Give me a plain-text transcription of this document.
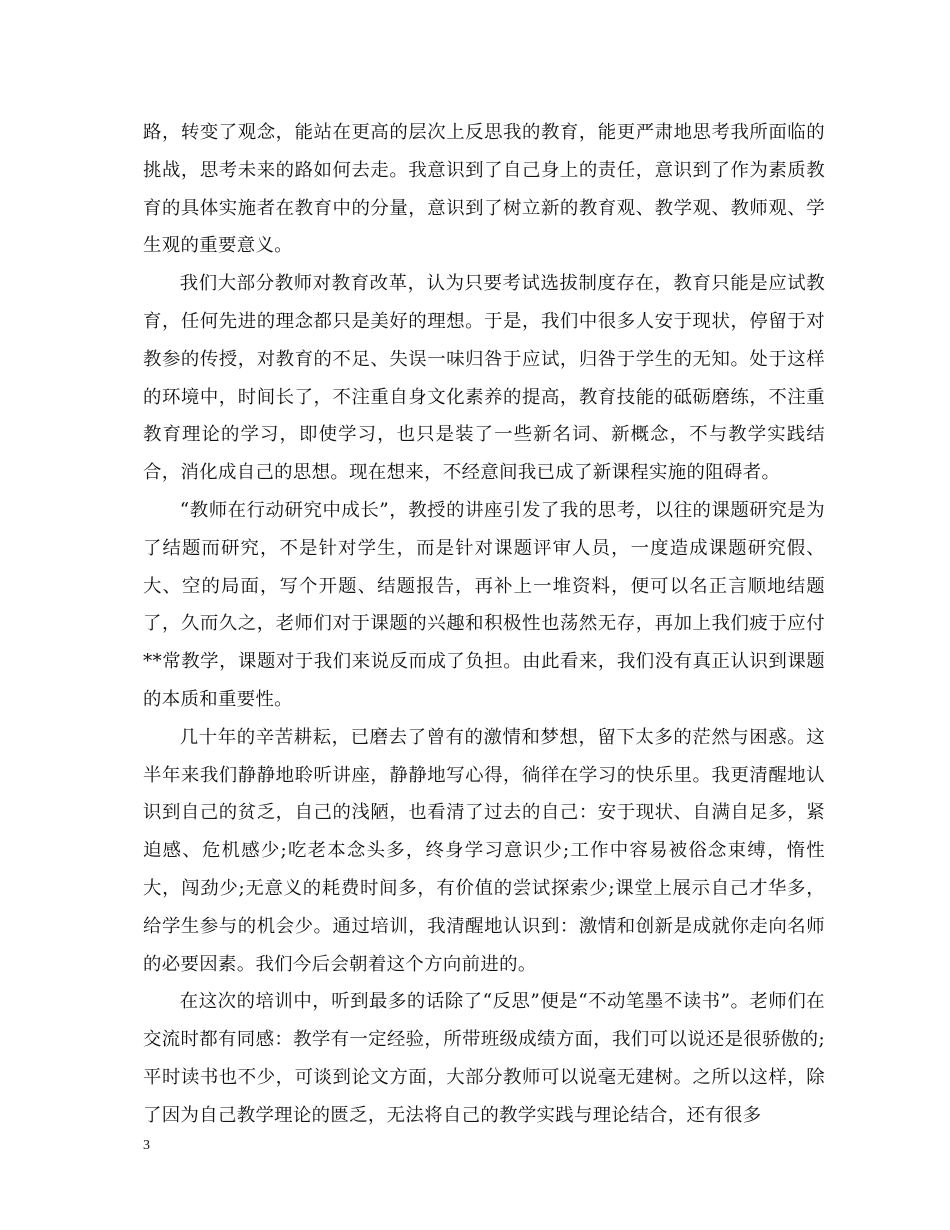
路，转变了观念，能站在更高的层次上反思我的教育，能更严肃地思考我所面临的挑战，思考未来的路如何去走。我意识到了自己身上的责任，意识到了作为素质教育的具体实施者在教育中的分量，意识到了树立新的教育观、教学观、教师观、学生观的重要意义。

我们大部分教师对教育改革，认为只要考试选拔制度存在，教育只能是应试教育，任何先进的理念都只是美好的理想。于是，我们中很多人安于现状，停留于对教参的传授，对教育的不足、失误一味归咎于应试，归咎于学生的无知。处于这样的环境中，时间长了，不注重自身文化素养的提高，教育技能的砥砺磨练，不注重教育理论的学习，即使学习，也只是装了一些新名词、新概念，不与教学实践结合，消化成自己的思想。现在想来，不经意间我已成了新课程实施的阻碍者。

“教师在行动研究中成长”，教授的讲座引发了我的思考，以往的课题研究是为了结题而研究，不是针对学生，而是针对课题评审人员，一度造成课题研究假、大、空的局面，写个开题、结题报告，再补上一堆资料，便可以名正言顺地结题了，久而久之，老师们对于课题的兴趣和积极性也荡然无存，再加上我们疲于应付**常教学，课题对于我们来说反而成了负担。由此看来，我们没有真正认识到课题的本质和重要性。

几十年的辛苦耕耘，已磨去了曾有的激情和梦想，留下太多的茫然与困惑。这半年来我们静静地聆听讲座，静静地写心得，徜徉在学习的快乐里。我更清醒地认识到自己的贫乏，自己的浅陋，也看清了过去的自己：安于现状、自满自足多，紧迫感、危机感少;吃老本念头多，终身学习意识少;工作中容易被俗念束缚，惰性大，闯劲少;无意义的耗费时间多，有价值的尝试探索少;课堂上展示自己才华多，给学生参与的机会少。通过培训，我清醒地认识到：激情和创新是成就你走向名师的必要因素。我们今后会朝着这个方向前进的。

在这次的培训中，听到最多的话除了“反思”便是“不动笔墨不读书”。老师们在交流时都有同感：教学有一定经验，所带班级成绩方面，我们可以说还是很骄傲的;平时读书也不少，可谈到论文方面，大部分教师可以说毫无建树。之所以这样，除了因为自己教学理论的匮乏，无法将自己的教学实践与理论结合，还有很多

3
